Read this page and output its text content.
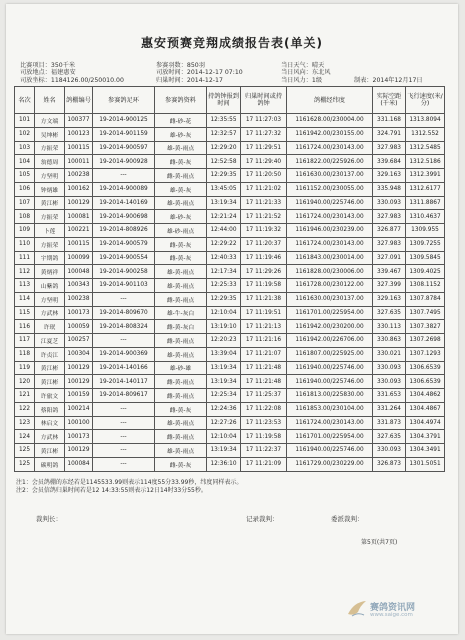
惠安预赛竞翔成绩报告表(单关)
比赛项目：350千米
司放地点：福建惠安
司放坐标：1184126.00/250010.00
参赛羽数：850羽
司放时间：2014-12-17 07:10
归巢时间：2014-12-17
当日天气：晴天
当日风向：东北风
当日风力：1级	制表：2014年12月17日
名次	姓名	鸽棚编号	参赛鸽足环	参赛鸽资料	持鸽钟报到时间	归巢时间或持鸽钟	鸽棚经纬度	实际空距(千米)	飞行速度(米/分)
101	方文端	100377	19-2014-900125	雌-砂-花	12:35:55	17 11:27:03	1161628.00/230004.00	331.168	1313.8094
102	吴坤彬	100123	19-2014-901159	雄-砂-灰	12:32:57	17 11:27:32	1161942.00/230155.00	324.791	1312.552
103	方振荣	100115	19-2014-900597	雄-黄-雨点	12:29:20	17 11:29:51	1161724.00/230143.00	327.983	1312.5485
104	翁德周	100011	19-2014-900928	雌-黄-灰	12:52:58	17 11:29:40	1161822.00/225926.00	339.684	1312.5186
105	方坚明	100238	---	雌-黄-雨点	12:29:35	17 11:20:50	1161630.00/230137.00	329.163	1312.3991
106	钟炳雄	100162	19-2014-900089	雄-黄-灰	13:45:05	17 11:21:02	1161152.00/230055.00	335.948	1312.6177
107	黄江彬	100129	19-2014-140169	雄-黄-雨点	13:19:34	17 11:21:33	1161940.00/225746.00	330.093	1311.8867
108	方振荣	100081	19-2014-900698	雄-砂-灰	12:21:24	17 11:21:52	1161724.00/230143.00	327.983	1310.4637
109	卜莲	100221	19-2014-808926	雄-砂-雨点	12:44:00	17 11:19:32	1161946.00/230239.00	326.877	1309.955
110	方振荣	100115	19-2014-900579	雌-黄-灰	12:29:22	17 11:20:37	1161724.00/230143.00	327.983	1309.7255
111	宇期鸽	100099	19-2014-900554	雌-黄-灰	12:40:33	17 11:19:46	1161843.00/230014.00	327.091	1309.5845
112	黄炳祥	100048	19-2014-900258	雄-黄-雨点	12:17:34	17 11:29:26	1161828.00/230006.00	339.467	1309.4025
113	山紫鸽	100343	19-2014-901103	雄-黄-雨点	12:25:33	17 11:19:58	1161728.00/230122.00	327.399	1308.1152
114	方坚明	100238	---	雌-黄-雨点	12:29:35	17 11:21:38	1161630.00/230137.00	329.163	1307.8784
115	方武林	100173	19-2014-809670	雄-牛-灰白	12:10:04	17 11:19:51	1161701.00/225954.00	327.635	1307.7495
116	许珉	100059	19-2014-808324	雌-黄-灰白	13:19:10	17 11:21:13	1161942.00/230200.00	330.113	1307.3827
117	江夏芝	100257	---	雌-黄-雨点	12:20:23	17 11:21:16	1161942.00/226706.00	330.863	1307.2698
118	许贞江	100304	19-2014-900369	雄-黄-雨点	13:39:04	17 11:21:07	1161807.00/225925.00	330.021	1307.1293
119	黄江彬	100129	19-2014-140166	雄-砂-雄	13:19:34	17 11:21:48	1161940.00/225746.00	330.093	1306.6539
120	黄江彬	100129	19-2014-140117	雌-黄-雨点	13:19:34	17 11:21:48	1161940.00/225746.00	330.093	1306.6539
121	许旅文	100159	19-2014-809617	雌-黄-雨点	12:25:34	17 11:25:37	1161813.00/225830.00	331.653	1304.4862
122	蔡阳鸽	100214	---	雌-黄-灰	12:24:36	17 11:22:08	1161853.00/230104.00	331.264	1304.4867
123	林启文	100100	---	雄-黄-雨点	12:27:26	17 11:23:53	1161724.00/230143.00	331.873	1304.4974
124	方武林	100173	---	雌-黄-雨点	12:10:04	17 11:19:58	1161701.00/225954.00	327.635	1304.3791
125	黄江彬	100129	---	雄-黄-雨点	13:19:34	17 11:22:37	1161940.00/225746.00	330.093	1304.3491
125	碳明鸽	100084	---	雌-黄-灰	12:36:10	17 11:21:09	1161729.00/230229.00	326.873	1301.5051
注1：会员鸽棚的东经若是1145533.99则表示114度55分33.99秒，纬度同样表示。
注2：会员信鸽归巢时间若是12 14:33:55则表示12日14时33分55秒。
裁判长：	记录裁判：	委派裁判：
第5页(共7页)
赛鸽资讯网
www.saige.com
